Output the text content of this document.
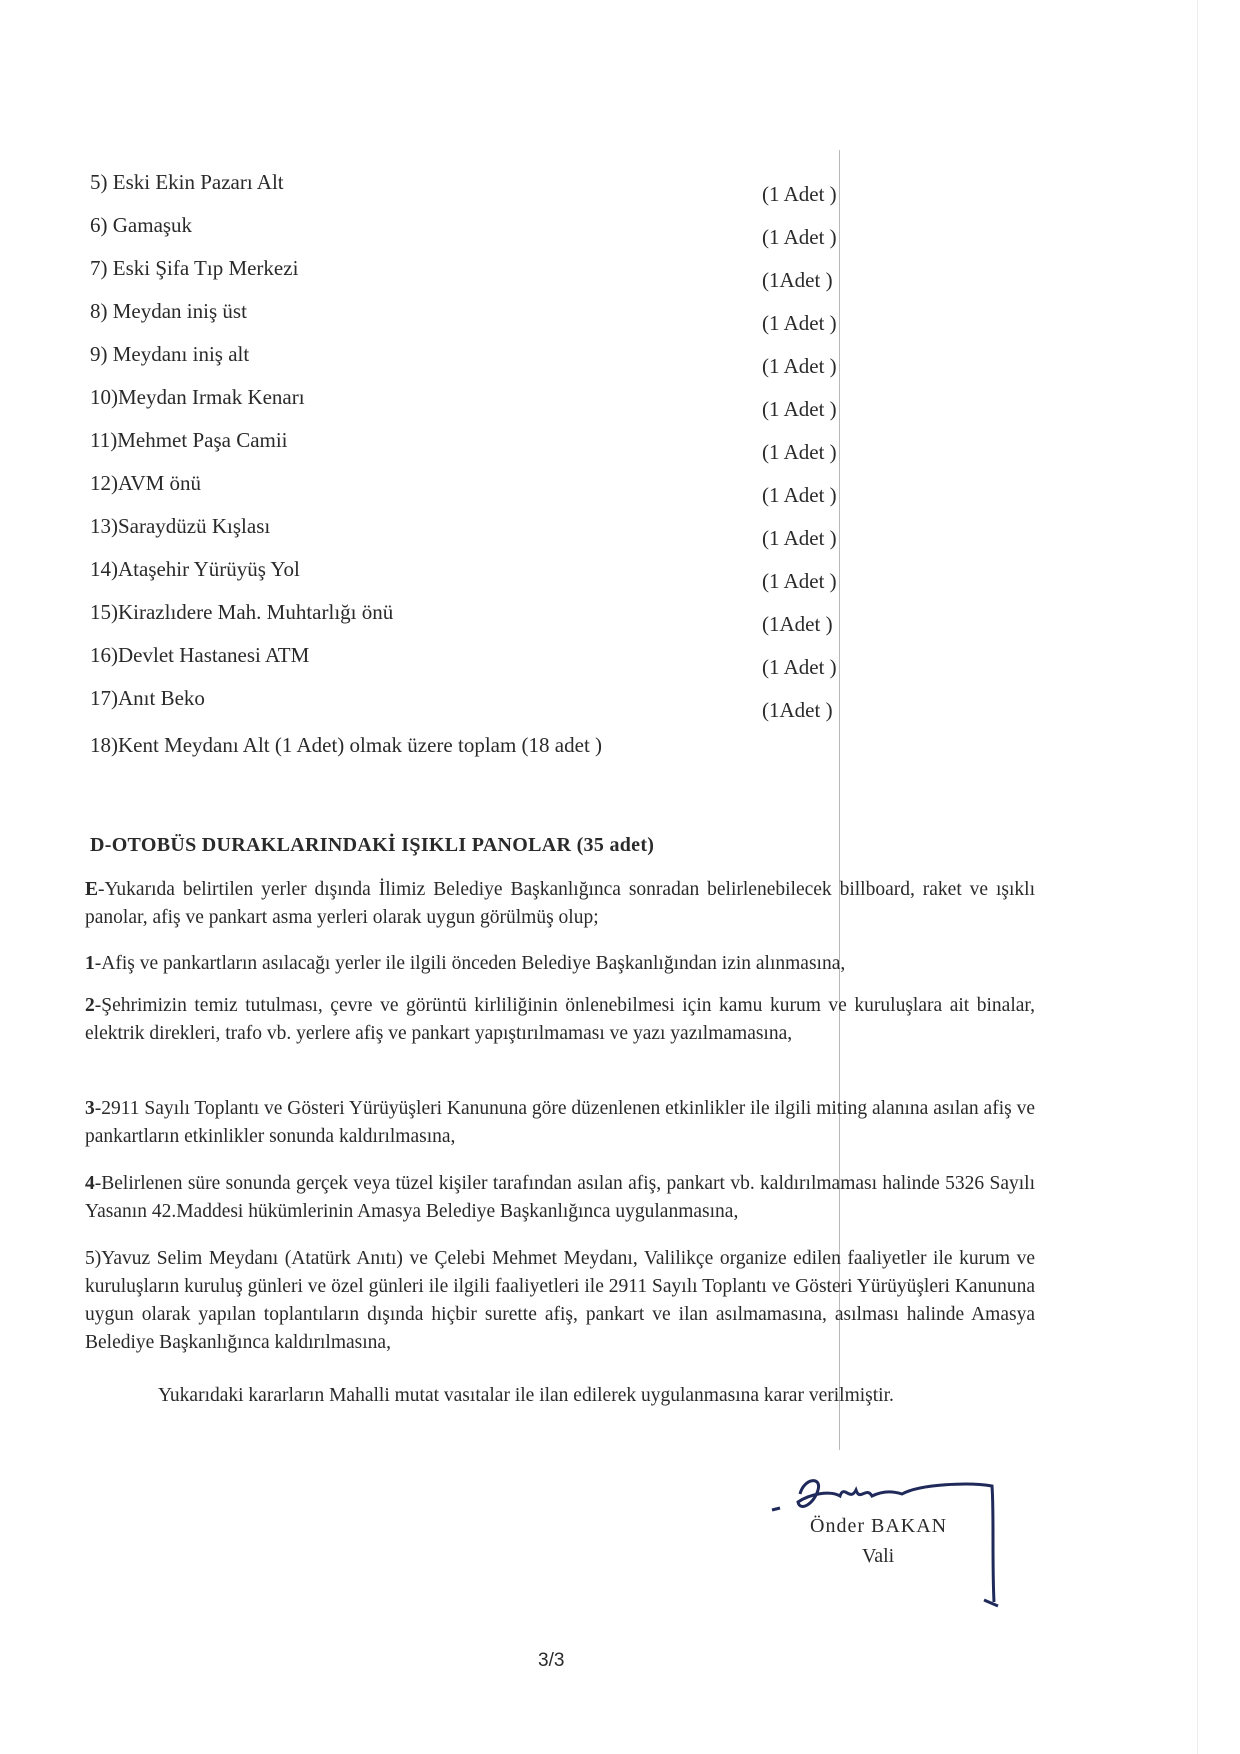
5) Eski Ekin Pazarı Alt	(1 Adet )
6) Gamaşuk	(1 Adet )
7) Eski Şifa Tıp Merkezi	(1Adet )
8) Meydan iniş üst	(1 Adet )
9) Meydanı iniş alt	(1 Adet )
10)Meydan Irmak Kenarı	(1 Adet )
11)Mehmet Paşa Camii	(1 Adet )
12)AVM önü	(1 Adet )
13)Saraydüzü Kışlası	(1 Adet )
14)Ataşehir Yürüyüş Yol	(1 Adet )
15)Kirazlıdere Mah. Muhtarlığı önü	(1Adet )
16)Devlet Hastanesi ATM	(1 Adet )
17)Anıt Beko	(1Adet )
18)Kent Meydanı Alt (1 Adet) olmak üzere toplam (18 adet )
D-OTOBÜS DURAKLARINDAKİ IŞIKLI PANOLAR (35 adet)
E-Yukarıda belirtilen yerler dışında İlimiz Belediye Başkanlığınca sonradan belirlenebilecek billboard, raket ve ışıklı panolar, afiş ve pankart asma yerleri olarak uygun görülmüş olup;
1-Afiş ve pankartların asılacağı yerler ile ilgili önceden Belediye Başkanlığından izin alınmasına,
2-Şehrimizin temiz tutulması, çevre ve görüntü kirliliğinin önlenebilmesi için kamu kurum ve kuruluşlara ait binalar, elektrik direkleri, trafo vb. yerlere afiş ve pankart yapıştırılmaması ve yazı yazılmamasına,
3-2911 Sayılı Toplantı ve Gösteri Yürüyüşleri Kanununa göre düzenlenen etkinlikler ile ilgili miting alanına asılan afiş ve pankartların etkinlikler sonunda kaldırılmasına,
4-Belirlenen süre sonunda gerçek veya tüzel kişiler tarafından asılan afiş, pankart vb. kaldırılmaması halinde 5326 Sayılı Yasanın 42.Maddesi hükümlerinin Amasya Belediye Başkanlığınca uygulanmasına,
5)Yavuz Selim Meydanı (Atatürk Anıtı) ve Çelebi Mehmet Meydanı, Valilikçe organize edilen faaliyetler ile kurum ve kuruluşların kuruluş günleri ve özel günleri ile ilgili faaliyetleri ile 2911 Sayılı Toplantı ve Gösteri Yürüyüşleri Kanununa uygun olarak yapılan toplantıların dışında hiçbir surette afiş, pankart ve ilan asılmamasına, asılması halinde Amasya Belediye Başkanlığınca kaldırılmasına,
Yukarıdaki kararların Mahalli mutat vasıtalar ile ilan edilerek uygulanmasına karar verilmiştir.
Önder BAKAN
Vali
3/3
